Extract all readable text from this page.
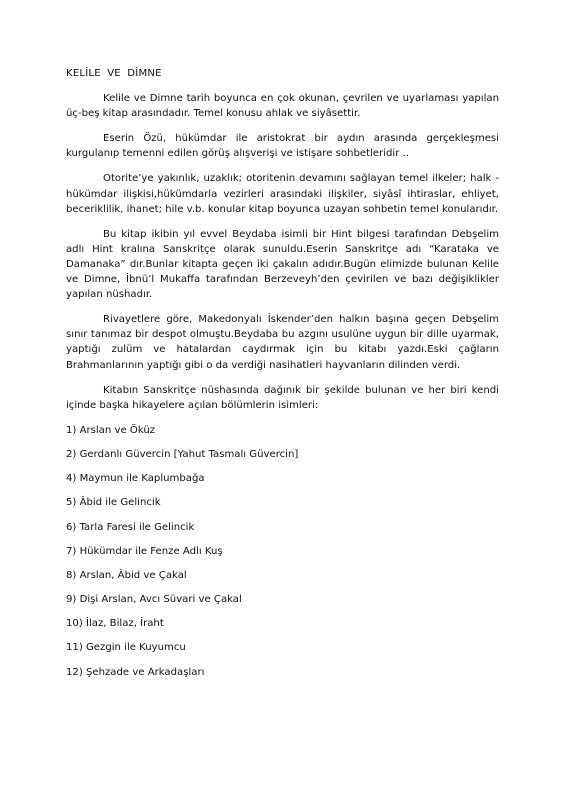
KELİLE VE DİMNE

Kelile ve Dimne tarih boyunca en çok okunan, çevrilen ve uyarlaması yapılan üç-beş kitap arasındadır. Temel konusu ahlak ve siyâsettir.

Eserin Özü, hükümdar ile aristokrat bir aydın arasında gerçekleşmesi kurgulanıp temenni edilen görüş alışverişi ve istişare sohbetleridir ..

Otorite’ye yakınlık, uzaklık; otoritenin devamını sağlayan temel ilkeler; halk -hükümdar ilişkisi,hükümdarla vezirleri arasındaki ilişkiler, siyâsî ihtiraslar, ehliyet, beceriklilik, ihanet; hile v.b. konular kitap boyunca uzayan sohbetin temel konularıdır.

Bu kitap ikibin yıl evvel Beydaba isimli bir Hint bilgesi tarafından Debşelim adlı Hint kralına Sanskritçe olarak sunuldu.Eserin Sanskritçe adı “Karataka ve Damanaka” dır.Bunlar kitapta geçen iki çakalın adıdır.Bugün elimizde bulunan Kelile ve Dimne, İbnü’l Mukaffa tarafından Berzeveyh’den çevirilen ve bazı değişiklikler yapılan nüshadır.

Rivayetlere göre, Makedonyalı İskender’den halkın başına geçen Debşelim sınır tanımaz bir despot olmuştu.Beydaba bu azgını usulüne uygun bir dille uyarmak, yaptığı zulüm ve hatalardan caydırmak için bu kitabı yazdı.Eski çağların Brahmanlarının yaptığı gibi o da verdiği nasihatleri hayvanların dilinden verdi.

Kitabın Sanskritçe nüshasında dağınık bir şekilde bulunan ve her biri kendi içinde başka hikayelere açılan bölümlerin isimleri:

1) Arslan ve Öküz
2) Gerdanlı Güvercin [Yahut Tasmalı Güvercin]
4) Maymun ile Kaplumbağa
5) Âbid ile Gelincik
6) Tarla Faresi ile Gelincik
7) Hükümdar ile Fenze Adlı Kuş
8) Arslan, Âbid ve Çakal
9) Dişi Arslan, Avcı Süvari ve Çakal
10) İlaz, Bilaz, İraht
11) Gezgin ile Kuyumcu
12) Şehzade ve Arkadaşları
